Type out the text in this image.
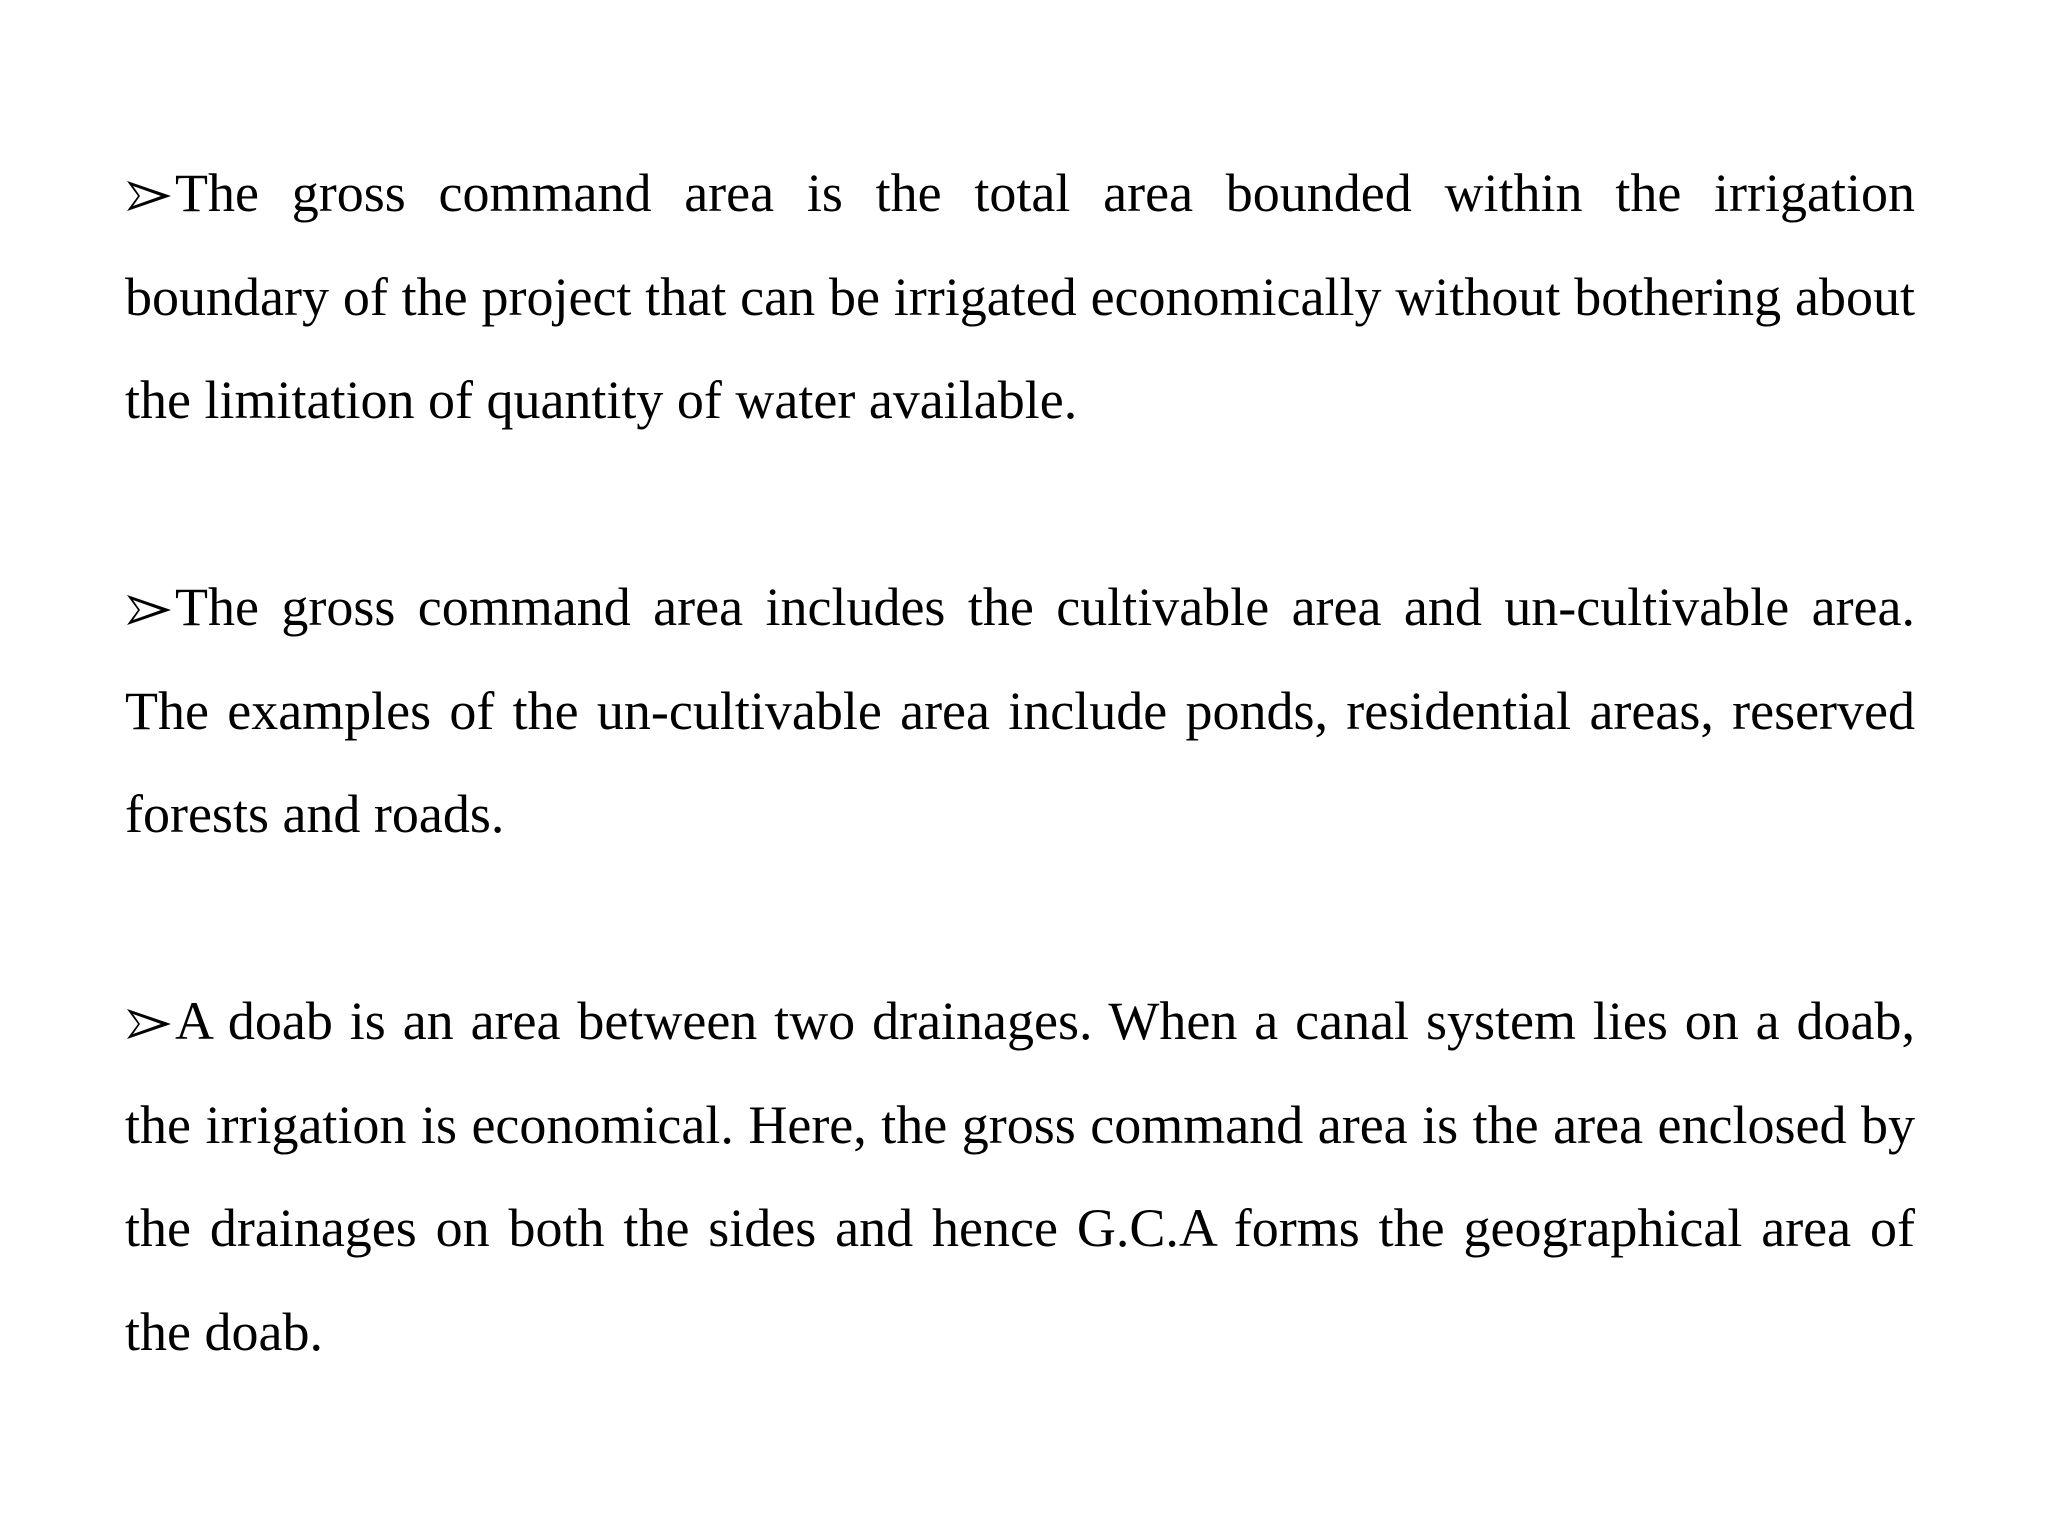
The gross command area is the total area bounded within the irrigation boundary of the project that can be irrigated economically without bothering about the limitation of quantity of water available.

The gross command area includes the cultivable area and un-cultivable area. The examples of the un-cultivable area include ponds, residential areas, reserved forests and roads.

A doab is an area between two drainages. When a canal system lies on a doab, the irrigation is economical. Here, the gross command area is the area enclosed by the drainages on both the sides and hence G.C.A forms the geographical area of the doab.
